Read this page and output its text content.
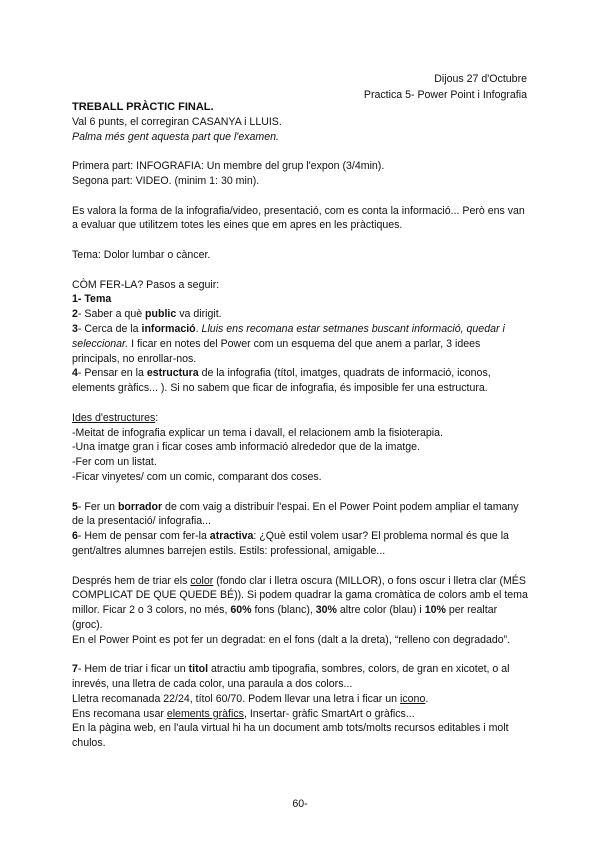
Dijous 27 d'Octubre
Practica 5- Power Point i Infografia

TREBALL PRÀCTIC FINAL.

Val 6 punts, el corregiran CASANYA i LLUIS.

Palma més gent aquesta part que l'examen.

Primera part: INFOGRAFIA: Un membre del grup l'expon (3/4min).

Segona part: VIDEO. (minim 1: 30 min).

Es valora la forma de la infografia/video, presentació, com es conta la informació... Però ens van a evaluar que utilitzem totes les eines que em apres en les pràctiques.

Tema: Dolor lumbar o càncer.

CÒM FER-LA? Pasos a seguir:

1- Tema

2- Saber a què public va dirigit.

3- Cerca de la informació. Lluis ens recomana estar setmanes buscant informació, quedar i seleccionar. I ficar en notes del Power com un esquema del que anem a parlar, 3 idees principals, no enrollar-nos.

4- Pensar en la estructura de la infografia (títol, imatges, quadrats de informació, iconos, elements gràfics... ). Si no sabem que ficar de infografia, és imposible fer una estructura.

Ides d'estructures:

-Meitat de infografia explicar un tema i davall, el relacionem amb la fisioterapia.

-Una imatge gran i ficar coses amb informació alrededor que de la imatge.

-Fer com un listat.

-Ficar vinyetes/ com un comic, comparant dos coses.

5- Fer un borrador de com vaig a distribuir l'espai. En el Power Point podem ampliar el tamany de la presentació/ infografia...

6- Hem de pensar com fer-la atractiva: ¿Què estil volem usar? El problema normal és que la gent/altres alumnes barrejen estils. Estils: professional, amigable...

Després hem de triar els color (fondo clar i lletra oscura (MILLOR), o fons oscur i lletra clar (MÉS COMPLICAT DE QUE QUEDE BÉ)). Si podem quadrar la gama cromàtica de colors amb el tema millor. Ficar 2 o 3 colors, no més, 60% fons (blanc), 30% altre color (blau) i 10% per realtar (groc).

En el Power Point es pot fer un degradat: en el fons (dalt a la dreta), “relleno con degradado”.

7- Hem de triar i ficar un titol atractiu amb tipografia, sombres, colors, de gran en xicotet, o al inrevés, una lletra de cada color, una paraula a dos colors...

Lletra recomanada 22/24, títol 60/70. Podem llevar una letra i ficar un icono.

Ens recomana usar elements gràfics, Insertar- gràfic SmartArt o gràfics...

En la pàgina web, en l'aula virtual hi ha un document amb tots/molts recursos editables i molt chulos.

60-
